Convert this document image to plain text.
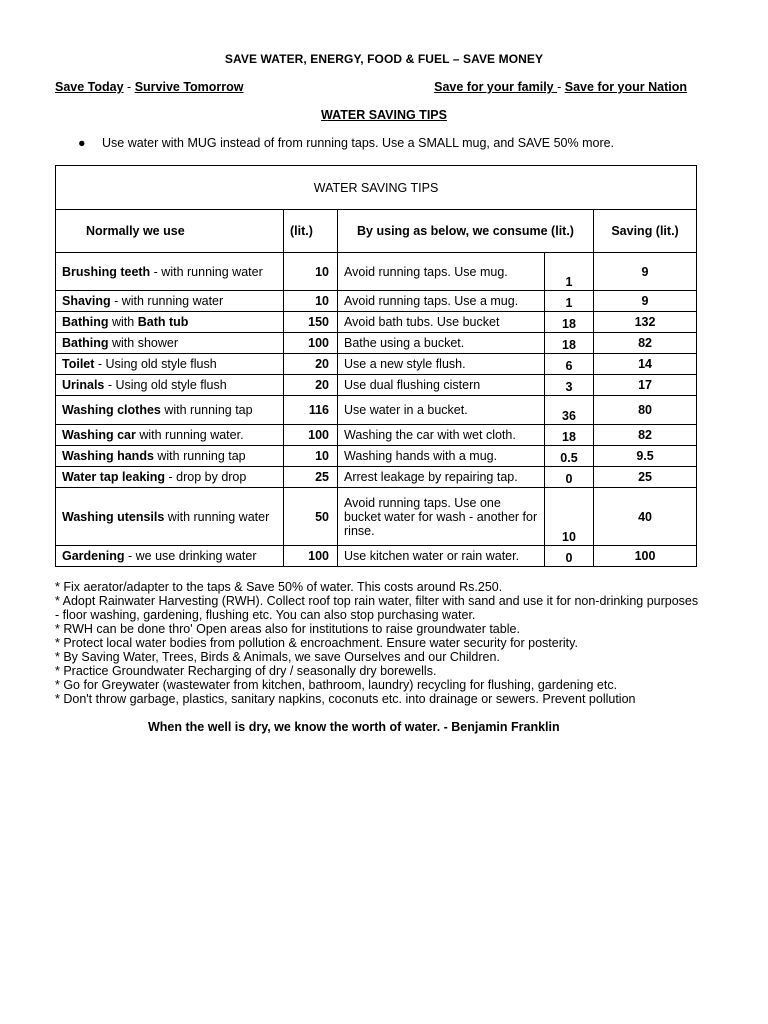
SAVE WATER, ENERGY, FOOD & FUEL – SAVE MONEY
Save Today - Survive Tomorrow	Save for your family - Save for your Nation
WATER SAVING TIPS
● Use water with MUG instead of from running taps. Use a SMALL mug, and SAVE 50% more.
WATER SAVING TIPS				
Normally we use	(lit.)	By using as below, we consume (lit.)		Saving (lit.)
Brushing teeth - with running water	10	Avoid running taps. Use mug.	1	9
Shaving - with running water	10	Avoid running taps. Use a mug.	1	9
Bathing with Bath tub	150	Avoid bath tubs. Use bucket	18	132
Bathing with shower	100	Bathe using a bucket.	18	82
Toilet - Using old style flush	20	Use a new style flush.	6	14
Urinals - Using old style flush	20	Use dual flushing cistern	3	17
Washing clothes with running tap	116	Use water in a bucket.	36	80
Washing car with running water.	100	Washing the car with wet cloth.	18	82
Washing hands with running tap	10	Washing hands with a mug.	0.5	9.5
Water tap leaking - drop by drop	25	Arrest leakage by repairing tap.	0	25
Washing utensils with running water	50	Avoid running taps. Use one bucket water for wash - another for rinse.	10	40
Gardening - we use drinking water	100	Use kitchen water or rain water.	0	100
* Fix aerator/adapter to the taps & Save 50% of water. This costs around Rs.250.
* Adopt Rainwater Harvesting (RWH). Collect roof top rain water, filter with sand and use it for non-drinking purposes - floor washing, gardening, flushing etc. You can also stop purchasing water.
* RWH can be done thro' Open areas also for institutions to raise groundwater table.
* Protect local water bodies from pollution & encroachment. Ensure water security for posterity.
* By Saving Water, Trees, Birds & Animals, we save Ourselves and our Children.
* Practice Groundwater Recharging of dry / seasonally dry borewells.
* Go for Greywater (wastewater from kitchen, bathroom, laundry) recycling for flushing, gardening etc.
* Don't throw garbage, plastics, sanitary napkins, coconuts etc. into drainage or sewers. Prevent pollution
When the well is dry, we know the worth of water. - Benjamin Franklin
